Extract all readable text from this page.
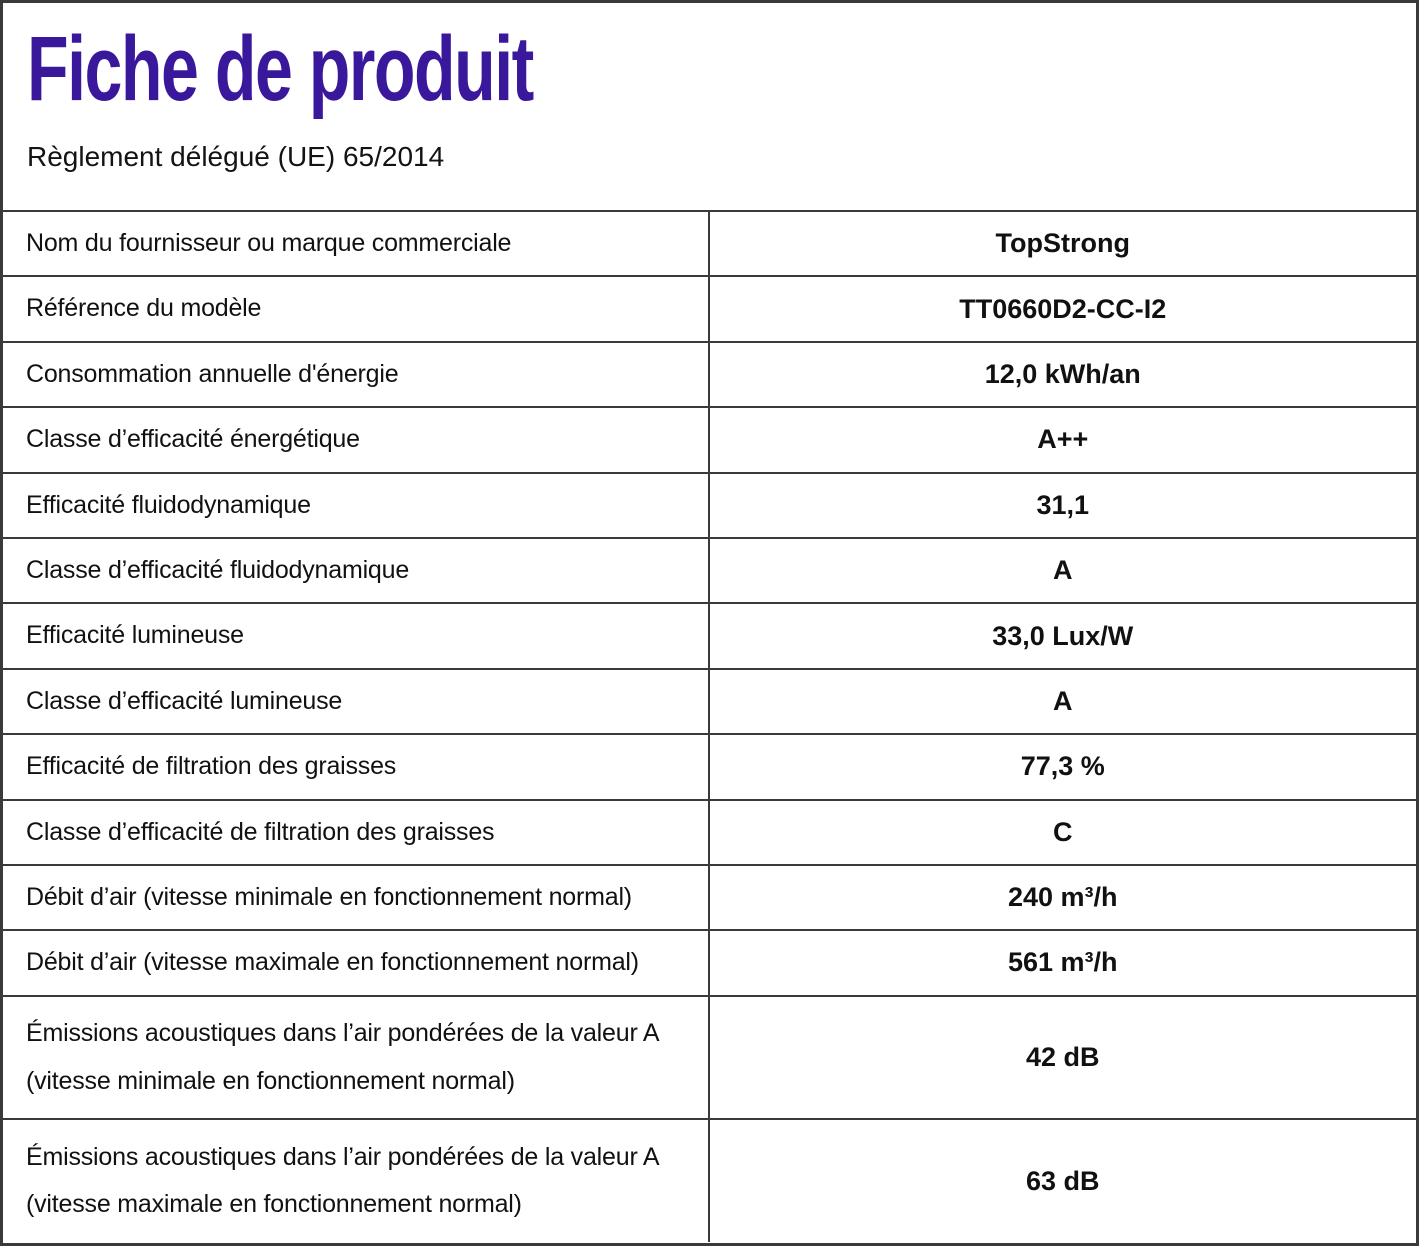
Fiche de produit

Règlement délégué (UE) 65/2014

Nom du fournisseur ou marque commerciale	TopStrong
Référence du modèle	TT0660D2-CC-I2
Consommation annuelle d'énergie	12,0 kWh/an
Classe d’efficacité énergétique	A++
Efficacité fluidodynamique	31,1
Classe d’efficacité fluidodynamique	A
Efficacité lumineuse	33,0 Lux/W
Classe d’efficacité lumineuse	A
Efficacité de filtration des graisses	77,3 %
Classe d’efficacité de filtration des graisses	C
Débit d’air (vitesse minimale en fonctionnement normal)	240 m³/h
Débit d’air (vitesse maximale en fonctionnement normal)	561 m³/h
Émissions acoustiques dans l’air pondérées de la valeur A
(vitesse minimale en fonctionnement normal)
42 dB
Émissions acoustiques dans l’air pondérées de la valeur A
(vitesse maximale en fonctionnement normal)
63 dB
